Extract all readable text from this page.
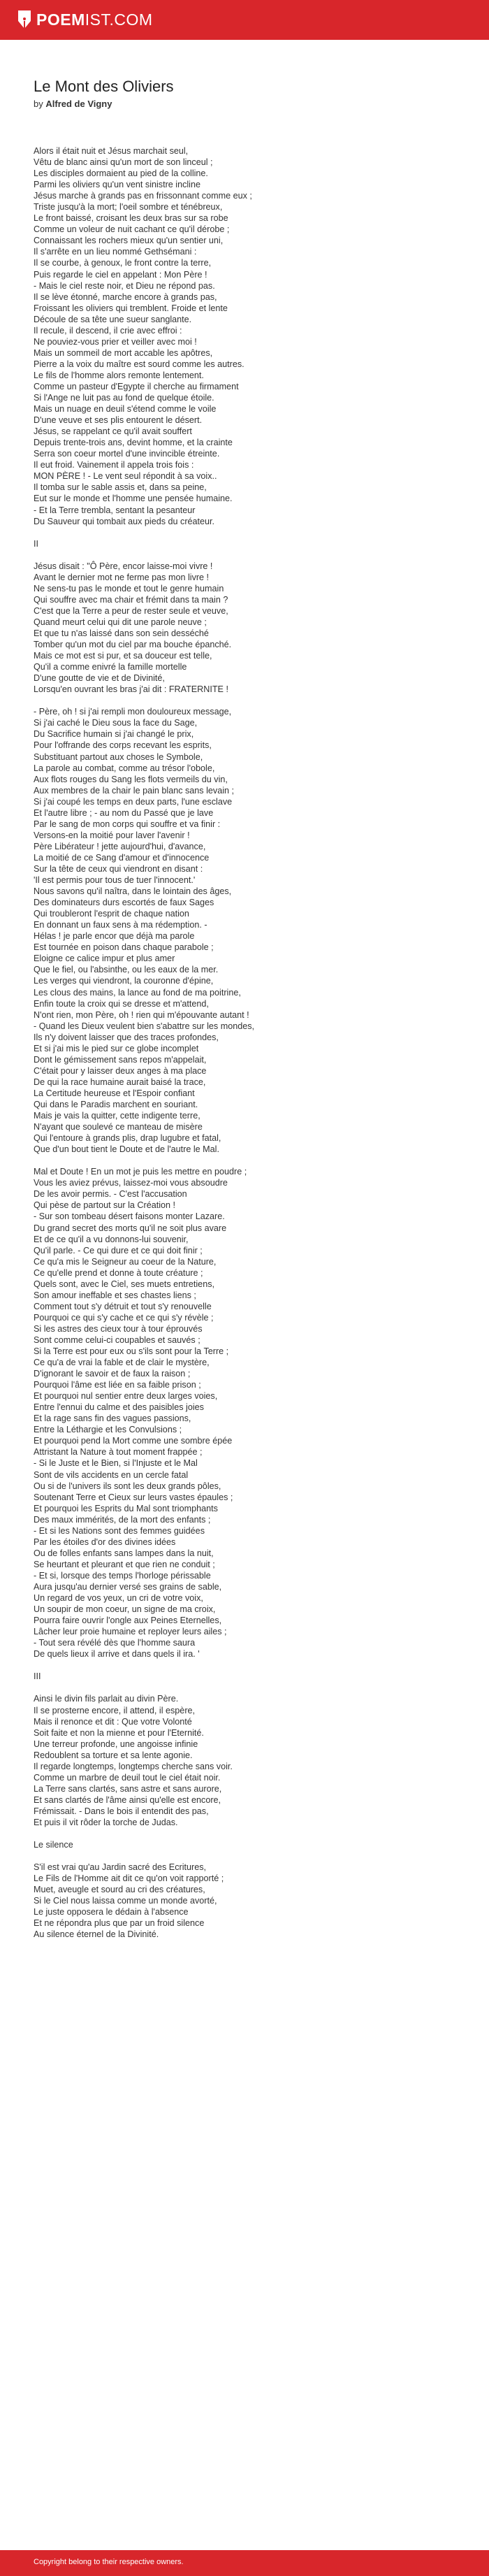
POEMIST.COM
Le Mont des Oliviers
by Alfred de Vigny
Alors il était nuit et Jésus marchait seul,
Vêtu de blanc ainsi qu'un mort de son linceul ;
Les disciples dormaient au pied de la colline.
Parmi les oliviers qu'un vent sinistre incline
Jésus marche à grands pas en frissonnant comme eux ;
Triste jusqu'à la mort; l'oeil sombre et ténébreux,
Le front baissé, croisant les deux bras sur sa robe
Comme un voleur de nuit cachant ce qu'il dérobe ;
Connaissant les rochers mieux qu'un sentier uni,
Il s'arrête en un lieu nommé Gethsémani :
Il se courbe, à genoux, le front contre la terre,
Puis regarde le ciel en appelant : Mon Père !
- Mais le ciel reste noir, et Dieu ne répond pas.
Il se lève étonné, marche encore à grands pas,
Froissant les oliviers qui tremblent. Froide et lente
Découle de sa tête une sueur sanglante.
Il recule, il descend, il crie avec effroi :
Ne pouviez-vous prier et veiller avec moi !
Mais un sommeil de mort accable les apôtres,
Pierre a la voix du maître est sourd comme les autres.
Le fils de l'homme alors remonte lentement.
Comme un pasteur d'Egypte il cherche au firmament
Si l'Ange ne luit pas au fond de quelque étoile.
Mais un nuage en deuil s'étend comme le voile
D'une veuve et ses plis entourent le désert.
Jésus, se rappelant ce qu'il avait souffert
Depuis trente-trois ans, devint homme, et la crainte
Serra son coeur mortel d'une invincible étreinte.
Il eut froid. Vainement il appela trois fois :
MON PÈRE ! - Le vent seul répondit à sa voix..
Il tomba sur le sable assis et, dans sa peine,
Eut sur le monde et l'homme une pensée humaine.
- Et la Terre trembla, sentant la pesanteur
Du Sauveur qui tombait aux pieds du créateur.
II
Jésus disait : "Ô Père, encor laisse-moi vivre !
Avant le dernier mot ne ferme pas mon livre !
Ne sens-tu pas le monde et tout le genre humain
Qui souffre avec ma chair et frémit dans ta main ?
C'est que la Terre a peur de rester seule et veuve,
Quand meurt celui qui dit une parole neuve ;
Et que tu n'as laissé dans son sein desséché
Tomber qu'un mot du ciel par ma bouche épanché.
Mais ce mot est si pur, et sa douceur est telle,
Qu'il a comme enivré la famille mortelle
D'une goutte de vie et de Divinité,
Lorsqu'en ouvrant les bras j'ai dit : FRATERNITE !
- Père, oh ! si j'ai rempli mon douloureux message,
Si j'ai caché le Dieu sous la face du Sage,
Du Sacrifice humain si j'ai changé le prix,
Pour l'offrande des corps recevant les esprits,
Substituant partout aux choses le Symbole,
La parole au combat, comme au trésor l'obole,
Aux flots rouges du Sang les flots vermeils du vin,
Aux membres de la chair le pain blanc sans levain ;
Si j'ai coupé les temps en deux parts, l'une esclave
Et l'autre libre ; - au nom du Passé que je lave
Par le sang de mon corps qui souffre et va finir :
Versons-en la moitié pour laver l'avenir !
Père Libérateur ! jette aujourd'hui, d'avance,
La moitié de ce Sang d'amour et d'innocence
Sur la tête de ceux qui viendront en disant :
'Il est permis pour tous de tuer l'innocent.'
Nous savons qu'il naîtra, dans le lointain des âges,
Des dominateurs durs escortés de faux Sages
Qui troubleront l'esprit de chaque nation
En donnant un faux sens à ma rédemption. -
Hélas ! je parle encor que déjà ma parole
Est tournée en poison dans chaque parabole ;
Eloigne ce calice impur et plus amer
Que le fiel, ou l'absinthe, ou les eaux de la mer.
Les verges qui viendront, la couronne d'épine,
Les clous des mains, la lance au fond de ma poitrine,
Enfin toute la croix qui se dresse et m'attend,
N'ont rien, mon Père, oh ! rien qui m'épouvante autant !
- Quand les Dieux veulent bien s'abattre sur les mondes,
Ils n'y doivent laisser que des traces profondes,
Et si j'ai mis le pied sur ce globe incomplet
Dont le gémissement sans repos m'appelait,
C'était pour y laisser deux anges à ma place
De qui la race humaine aurait baisé la trace,
La Certitude heureuse et l'Espoir confiant
Qui dans le Paradis marchent en souriant.
Mais je vais la quitter, cette indigente terre,
N'ayant que soulevé ce manteau de misère
Qui l'entoure à grands plis, drap lugubre et fatal,
Que d'un bout tient le Doute et de l'autre le Mal.
Mal et Doute ! En un mot je puis les mettre en poudre ;
Vous les aviez prévus, laissez-moi vous absoudre
De les avoir permis. - C'est l'accusation
Qui pèse de partout sur la Création !
- Sur son tombeau désert faisons monter Lazare.
Du grand secret des morts qu'il ne soit plus avare
Et de ce qu'il a vu donnons-lui souvenir,
Qu'il parle. - Ce qui dure et ce qui doit finir ;
Ce qu'a mis le Seigneur au coeur de la Nature,
Ce qu'elle prend et donne à toute créature ;
Quels sont, avec le Ciel, ses muets entretiens,
Son amour ineffable et ses chastes liens ;
Comment tout s'y détruit et tout s'y renouvelle
Pourquoi ce qui s'y cache et ce qui s'y révèle ;
Si les astres des cieux tour à tour éprouvés
Sont comme celui-ci coupables et sauvés ;
Si la Terre est pour eux ou s'ils sont pour la Terre ;
Ce qu'a de vrai la fable et de clair le mystère,
D'ignorant le savoir et de faux la raison ;
Pourquoi l'âme est liée en sa faible prison ;
Et pourquoi nul sentier entre deux larges voies,
Entre l'ennui du calme et des paisibles joies
Et la rage sans fin des vagues passions,
Entre la Léthargie et les Convulsions ;
Et pourquoi pend la Mort comme une sombre épée
Attristant la Nature à tout moment frappée ;
- Si le Juste et le Bien, si l'Injuste et le Mal
Sont de vils accidents en un cercle fatal
Ou si de l'univers ils sont les deux grands pôles,
Soutenant Terre et Cieux sur leurs vastes épaules ;
Et pourquoi les Esprits du Mal sont triomphants
Des maux immérités, de la mort des enfants ;
- Et si les Nations sont des femmes guidées
Par les étoiles d'or des divines idées
Ou de folles enfants sans lampes dans la nuit,
Se heurtant et pleurant et que rien ne conduit ;
- Et si, lorsque des temps l'horloge périssable
Aura jusqu'au dernier versé ses grains de sable,
Un regard de vos yeux, un cri de votre voix,
Un soupir de mon coeur, un signe de ma croix,
Pourra faire ouvrir l'ongle aux Peines Eternelles,
Lâcher leur proie humaine et reployer leurs ailes ;
- Tout sera révélé dès que l'homme saura
De quels lieux il arrive et dans quels il ira. '
III
Ainsi le divin fils parlait au divin Père.
Il se prosterne encore, il attend, il espère,
Mais il renonce et dit : Que votre Volonté
Soit faite et non la mienne et pour l'Eternité.
Une terreur profonde, une angoisse infinie
Redoublent sa torture et sa lente agonie.
Il regarde longtemps, longtemps cherche sans voir.
Comme un marbre de deuil tout le ciel était noir.
La Terre sans clartés, sans astre et sans aurore,
Et sans clartés de l'âme ainsi qu'elle est encore,
Frémissait. - Dans le bois il entendit des pas,
Et puis il vit rôder la torche de Judas.
Le silence
S'il est vrai qu'au Jardin sacré des Ecritures,
Le Fils de l'Homme ait dit ce qu'on voit rapporté ;
Muet, aveugle et sourd au cri des créatures,
Si le Ciel nous laissa comme un monde avorté,
Le juste opposera le dédain à l'absence
Et ne répondra plus que par un froid silence
Au silence éternel de la Divinité.
Copyright belong to their respective owners.
